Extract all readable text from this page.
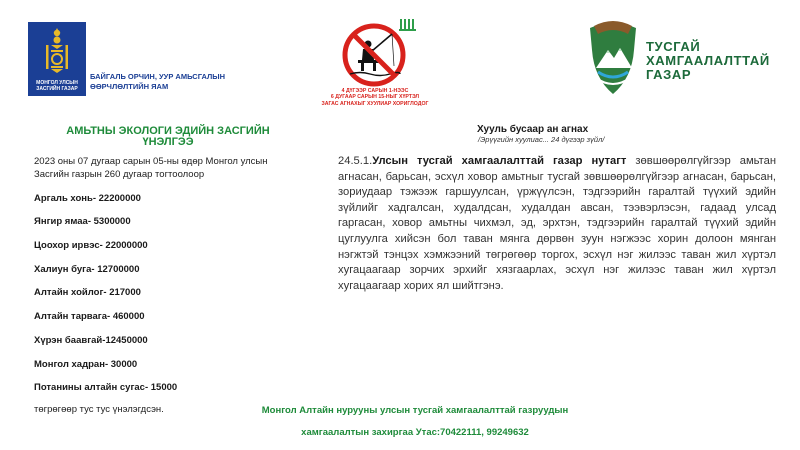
МОНГОЛ УЛСЫН ЗАСГИЙН ГАЗАР
БАЙГАЛЬ ОРЧИН, УУР АМЬСГАЛЫН
ӨӨРЧЛӨЛТИЙН ЯАМ	4 ДҮГЭЭР САРЫН 1-НЭЭС
6 ДУГААР САРЫН 15-НЫГ ХҮРТЭЛ
ЗАГАС АГНАХЫГ ХУУЛИАР ХОРИГЛОДОГ
ТУСГАЙ
ХАМГААЛАЛТТАЙ
ГАЗАР
АМЬТНЫ ЭКОЛОГИ ЭДИЙН ЗАСГИЙН ҮНЭЛГЭЭ
2023 оны 07 дугаар сарын 05-ны өдөр Монгол улсын Засгийн газрын 260 дугаар тогтоолоор
Аргаль хонь- 22200000
Янгир ямаа- 5300000
Цоохор ирвэс- 22000000
Халиун буга- 12700000
Алтайн хойлог- 217000
Алтайн тарвага- 460000
Хүрэн баавгай-12450000
Монгол хадран- 30000
Потанины алтайн сугас- 15000
төгрөгөөр тус тус үнэлэгдсэн.
Хууль бусаар ан агнах
/Эрүүгийн хуулиас... 24 дүгээр зүйл/
24.5.1.Улсын тусгай хамгаалалттай газар нутагт зөвшөөрөлгүйгээр амьтан агнасан, барьсан, эсхүл ховор амьтныг тусгай зөвшөөрөлгүйгээр агнасан, барьсан, зориудаар тэжээж гаршуулсан, үржүүлсэн, тэдгээрийн гаралтай түүхий эдийн зүйлийг хадгалсан, худалдсан, худалдан авсан, тээвэрлэсэн, гадаад улсад гаргасан, ховор амьтны чихмэл, эд, эрхтэн, тэдгээрийн гаралтай түүхий эдийн цуглуулга хийсэн бол таван мянга дөрвөн зуун нэгжээс хорин долоон мянган нэгжтэй тэнцэх хэмжээний төгрөгөөр торгох, эсхүл нэг жилээс таван жил хүртэл хугацаагаар зорчих эрхийг хязгаарлах, эсхүл нэг жилээс таван жил хүртэл хугацаагаар хорих ял шийтгэнэ.
Монгол Алтайн нурууны улсын тусгай хамгаалалттай газруудын
хамгаалалтын захиргаа Утас:70422111, 99249632
